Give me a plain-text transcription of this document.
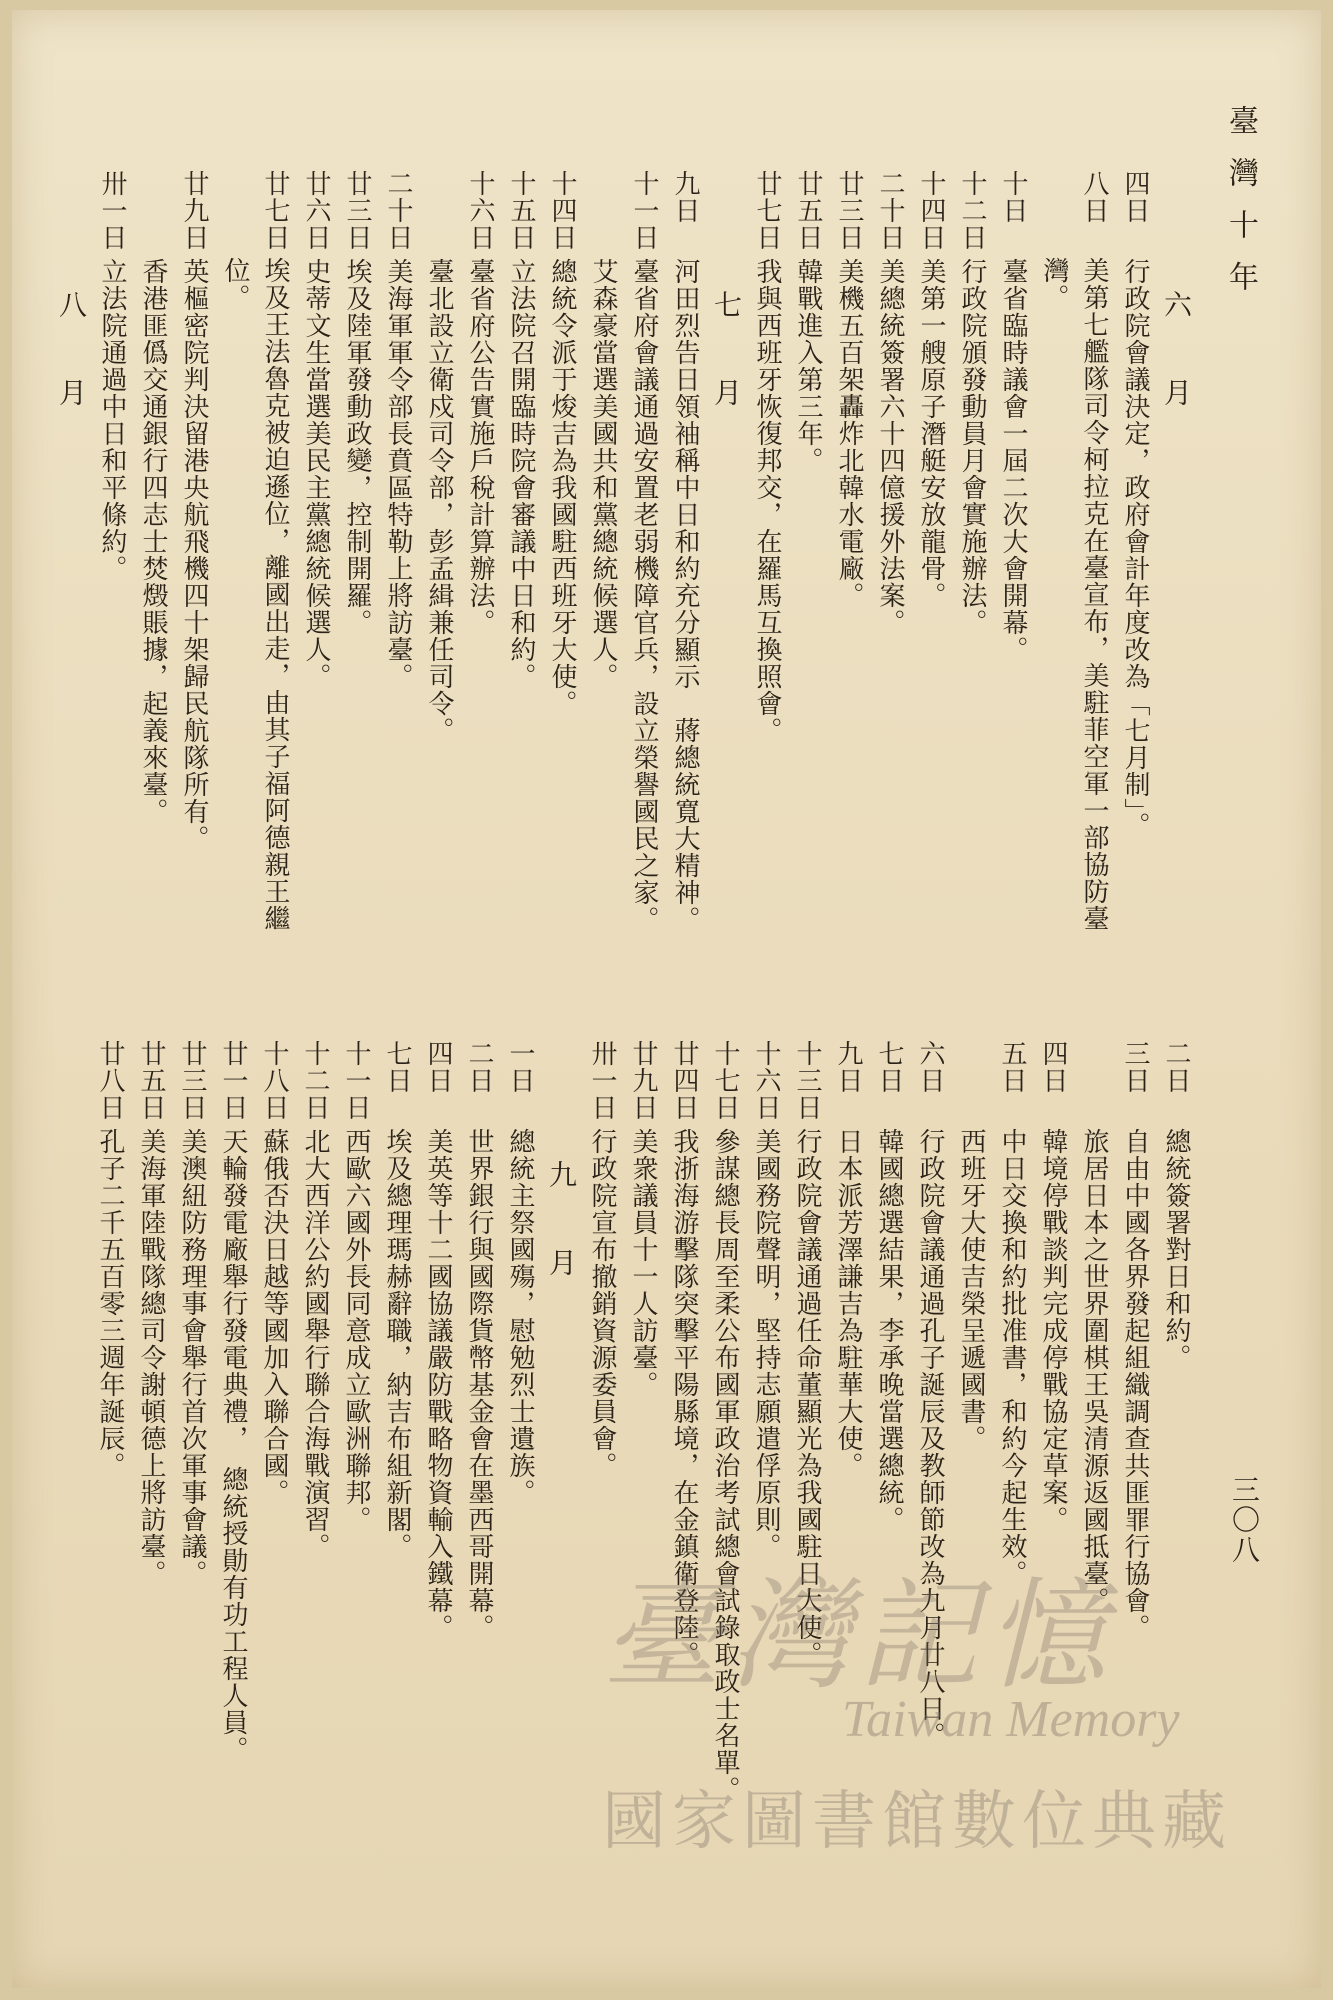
臺灣十年
三〇八
六月
四日
行政院會議決定，政府會計年度改為「七月制」。
八日
美第七艦隊司令柯拉克在臺宣布，美駐菲空軍一部協防臺灣。
十日
臺省臨時議會一屆二次大會開幕。
十二日
行政院頒發動員月會實施辦法。
十四日
美第一艘原子潛艇安放龍骨。
二十日
美總統簽署六十四億援外法案。
廿三日
美機五百架轟炸北韓水電廠。
廿五日
韓戰進入第三年。
廿七日
我與西班牙恢復邦交，在羅馬互換照會。
七月
九日
河田烈告日領袖稱中日和約充分顯示　蔣總統寬大精神。
十一日
臺省府會議通過安置老弱機障官兵，設立榮譽國民之家。
艾森豪當選美國共和黨總統候選人。
十四日
總統令派于焌吉為我國駐西班牙大使。
十五日
立法院召開臨時院會審議中日和約。
十六日
臺省府公告實施戶稅計算辦法。
臺北設立衛戍司令部，彭孟緝兼任司令。
二十日
美海軍軍令部長賁區特勒上將訪臺。
廿三日
埃及陸軍發動政變，控制開羅。
廿六日
史蒂文生當選美民主黨總統候選人。
廿七日
埃及王法魯克被迫遜位，離國出走，由其子福阿德親王繼位。
廿九日
英樞密院判決留港央航飛機四十架歸民航隊所有。
香港匪僞交通銀行四志士焚燬賬據，起義來臺。
卅一日
立法院通過中日和平條約。
八月
二日
總統簽署對日和約。
三日
自由中國各界發起組織調查共匪罪行協會。
旅居日本之世界圍棋王吳清源返國抵臺。
四日
韓境停戰談判完成停戰協定草案。
五日
中日交換和約批准書，和約今起生效。
西班牙大使吉榮呈遞國書。
六日
行政院會議通過孔子誕辰及教師節改為九月廿八日。
七日
韓國總選結果，李承晚當選總統。
九日
日本派芳澤謙吉為駐華大使。
十三日
行政院會議通過任命董顯光為我國駐日大使。
十六日
美國務院聲明，堅持志願遣俘原則。
十七日
參謀總長周至柔公布國軍政治考試總會試錄取政士名單。
廿四日
我浙海游擊隊突擊平陽縣境，在金鎮衛登陸。
廿九日
美衆議員十一人訪臺。
卅一日
行政院宣布撤銷資源委員會。
九月
一日
總統主祭國殤，慰勉烈士遺族。
二日
世界銀行與國際貨幣基金會在墨西哥開幕。
四日
美英等十二國協議嚴防戰略物資輸入鐵幕。
七日
埃及總理瑪赫辭職，納吉布組新閣。
十一日
西歐六國外長同意成立歐洲聯邦。
十二日
北大西洋公約國舉行聯合海戰演習。
十八日
蘇俄否決日越等國加入聯合國。
廿一日
天輪發電廠舉行發電典禮，　總統授勛有功工程人員。
廿三日
美澳紐防務理事會舉行首次軍事會議。
廿五日
美海軍陸戰隊總司令謝頓德上將訪臺。
廿八日
孔子二千五百零三週年誕辰。
臺灣記憶
Taiwan Memory
國家圖書館數位典藏
